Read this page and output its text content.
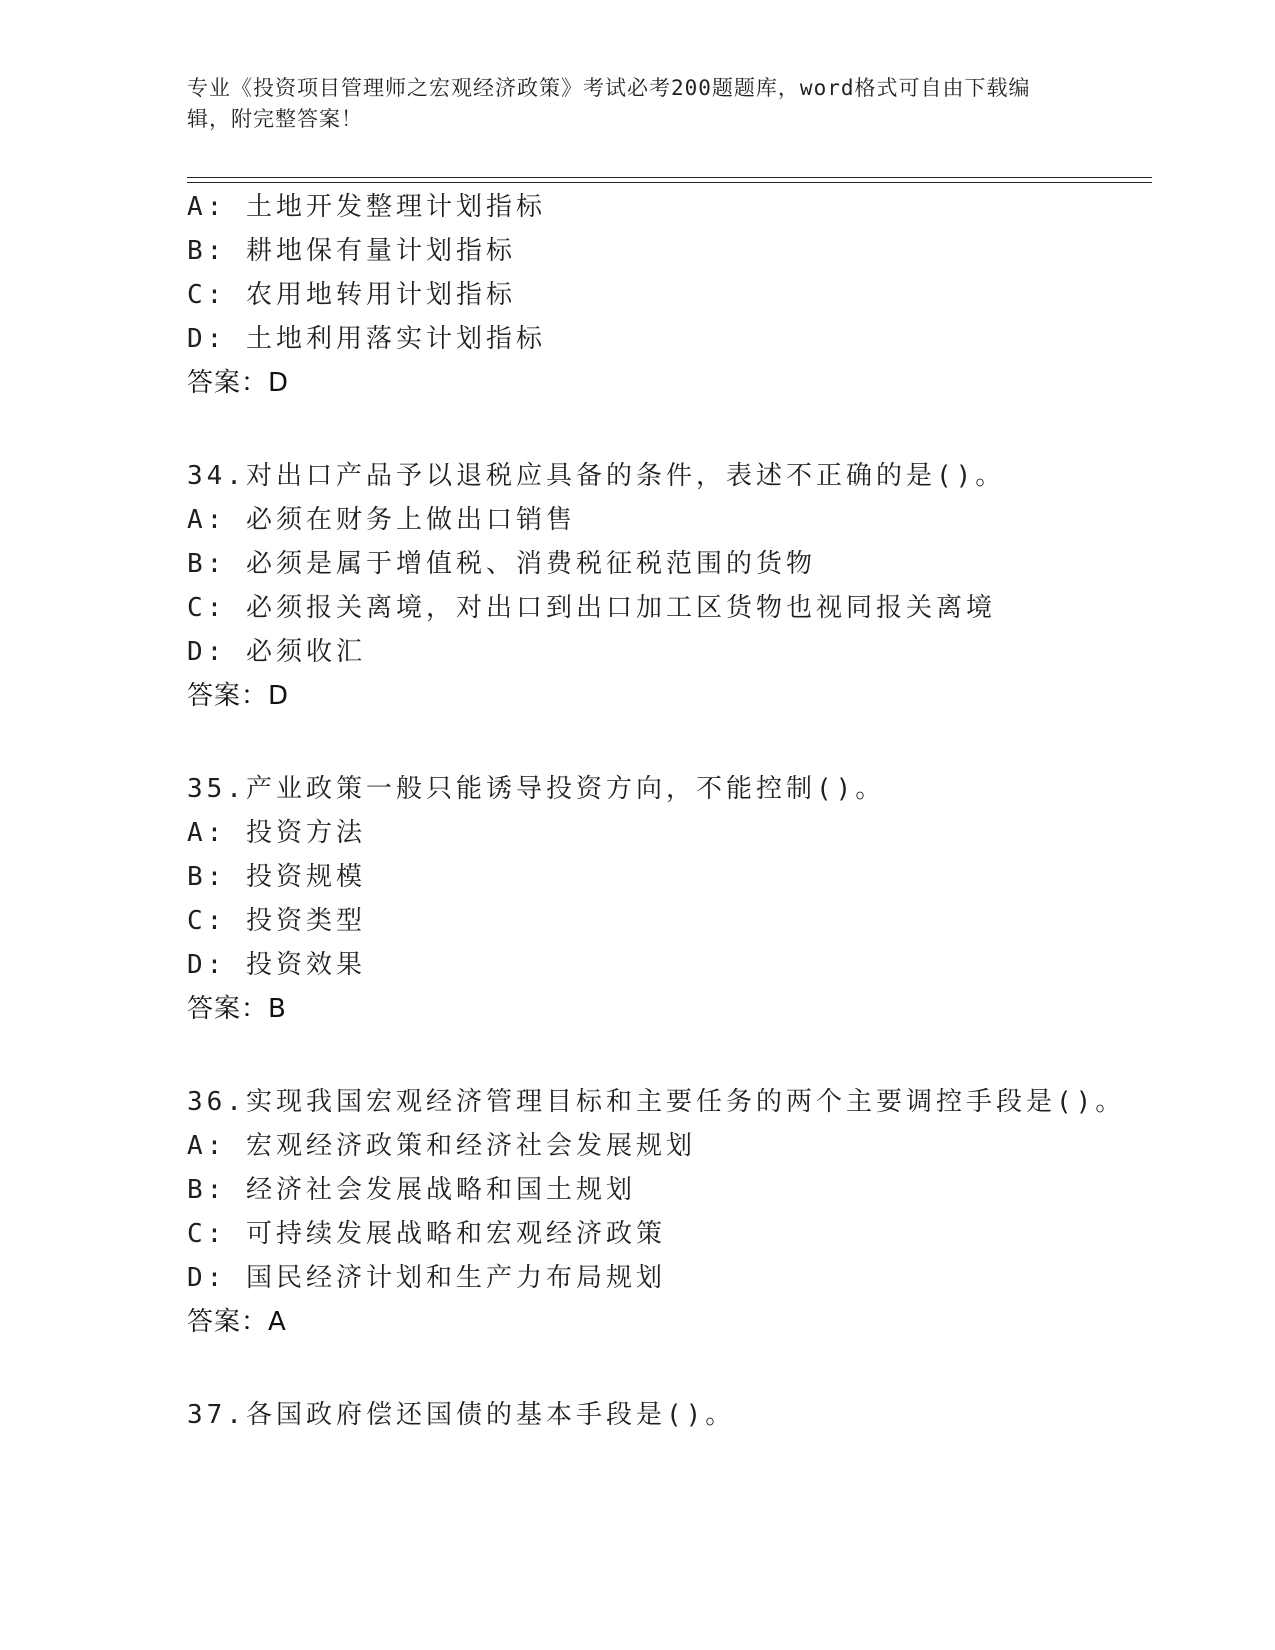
专业《投资项目管理师之宏观经济政策》考试必考200题题库，word格式可自由下载编辑，附完整答案！
A: 土地开发整理计划指标
B: 耕地保有量计划指标
C: 农用地转用计划指标
D: 土地利用落实计划指标
答案：D
34.对出口产品予以退税应具备的条件，表述不正确的是()。
A: 必须在财务上做出口销售
B: 必须是属于增值税、消费税征税范围的货物
C: 必须报关离境，对出口到出口加工区货物也视同报关离境
D: 必须收汇
答案：D
35.产业政策一般只能诱导投资方向，不能控制()。
A: 投资方法
B: 投资规模
C: 投资类型
D: 投资效果
答案：B
36.实现我国宏观经济管理目标和主要任务的两个主要调控手段是()。
A: 宏观经济政策和经济社会发展规划
B: 经济社会发展战略和国土规划
C: 可持续发展战略和宏观经济政策
D: 国民经济计划和生产力布局规划
答案：A
37.各国政府偿还国债的基本手段是()。
